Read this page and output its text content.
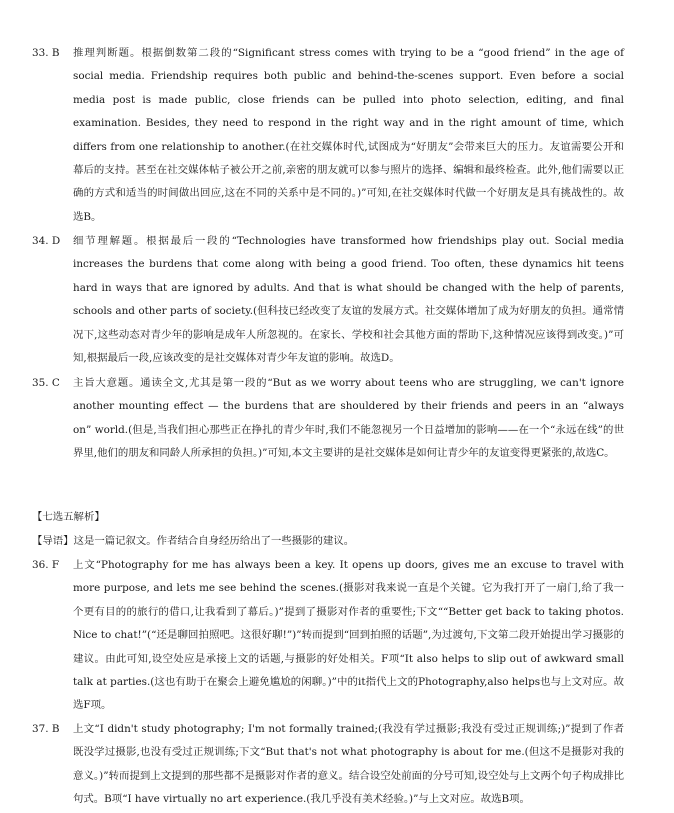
33. B 推理判断题。根据倒数第二段的“Significant stress comes with trying to be a “good friend” in the age of social media. Friendship requires both public and behind-the-scenes support. Even before a social media post is made public, close friends can be pulled into photo selection, editing, and final examination. Besides, they need to respond in the right way and in the right amount of time, which differs from one relationship to another.(在社交媒体时代,试图成为“好朋友”会带来巨大的压力。友谊需要公开和幕后的支持。甚至在社交媒体帖子被公开之前,亲密的朋友就可以参与照片的选择、编辑和最终检查。此外,他们需要以正确的方式和适当的时间做出回应,这在不同的关系中是不同的。)”可知,在社交媒体时代做一个好朋友是具有挑战性的。故选B。

34. D 细节理解题。根据最后一段的“Technologies have transformed how friendships play out. Social media increases the burdens that come along with being a good friend. Too often, these dynamics hit teens hard in ways that are ignored by adults. And that is what should be changed with the help of parents, schools and other parts of society.(但科技已经改变了友谊的发展方式。社交媒体增加了成为好朋友的负担。通常情况下,这些动态对青少年的影响是成年人所忽视的。在家长、学校和社会其他方面的帮助下,这种情况应该得到改变。)”可知,根据最后一段,应该改变的是社交媒体对青少年友谊的影响。故选D。

35. C 主旨大意题。通读全文,尤其是第一段的“But as we worry about teens who are struggling, we can't ignore another mounting effect — the burdens that are shouldered by their friends and peers in an “always on” world.(但是,当我们担心那些正在挣扎的青少年时,我们不能忽视另一个日益增加的影响——在一个“永远在线”的世界里,他们的朋友和同龄人所承担的负担。)”可知,本文主要讲的是社交媒体是如何让青少年的友谊变得更紧张的,故选C。

【七选五解析】
【导语】这是一篇记叙文。作者结合自身经历给出了一些摄影的建议。
36. F 上文“Photography for me has always been a key. It opens up doors, gives me an excuse to travel with more purpose, and lets me see behind the scenes.(摄影对我来说一直是个关键。它为我打开了一扇门,给了我一个更有目的的旅行的借口,让我看到了幕后。)”提到了摄影对作者的重要性;下文““Better get back to taking photos. Nice to chat!”(“还是聊回拍照吧。这很好聊!”)”转而提到“回到拍照的话题”,为过渡句,下文第二段开始提出学习摄影的建议。由此可知,设空处应是承接上文的话题,与摄影的好处相关。F项“It also helps to slip out of awkward small talk at parties.(这也有助于在聚会上避免尴尬的闲聊。)”中的it指代上文的Photography,also helps也与上文对应。故选F项。

37. B 上文“I didn't study photography; I'm not formally trained;(我没有学过摄影;我没有受过正规训练;)”提到了作者既没学过摄影,也没有受过正规训练;下文“But that's not what photography is about for me.(但这不是摄影对我的意义。)”转而提到上文提到的那些都不是摄影对作者的意义。结合设空处前面的分号可知,设空处与上文两个句子构成排比句式。B项“I have virtually no art experience.(我几乎没有美术经验。)”与上文对应。故选B项。
